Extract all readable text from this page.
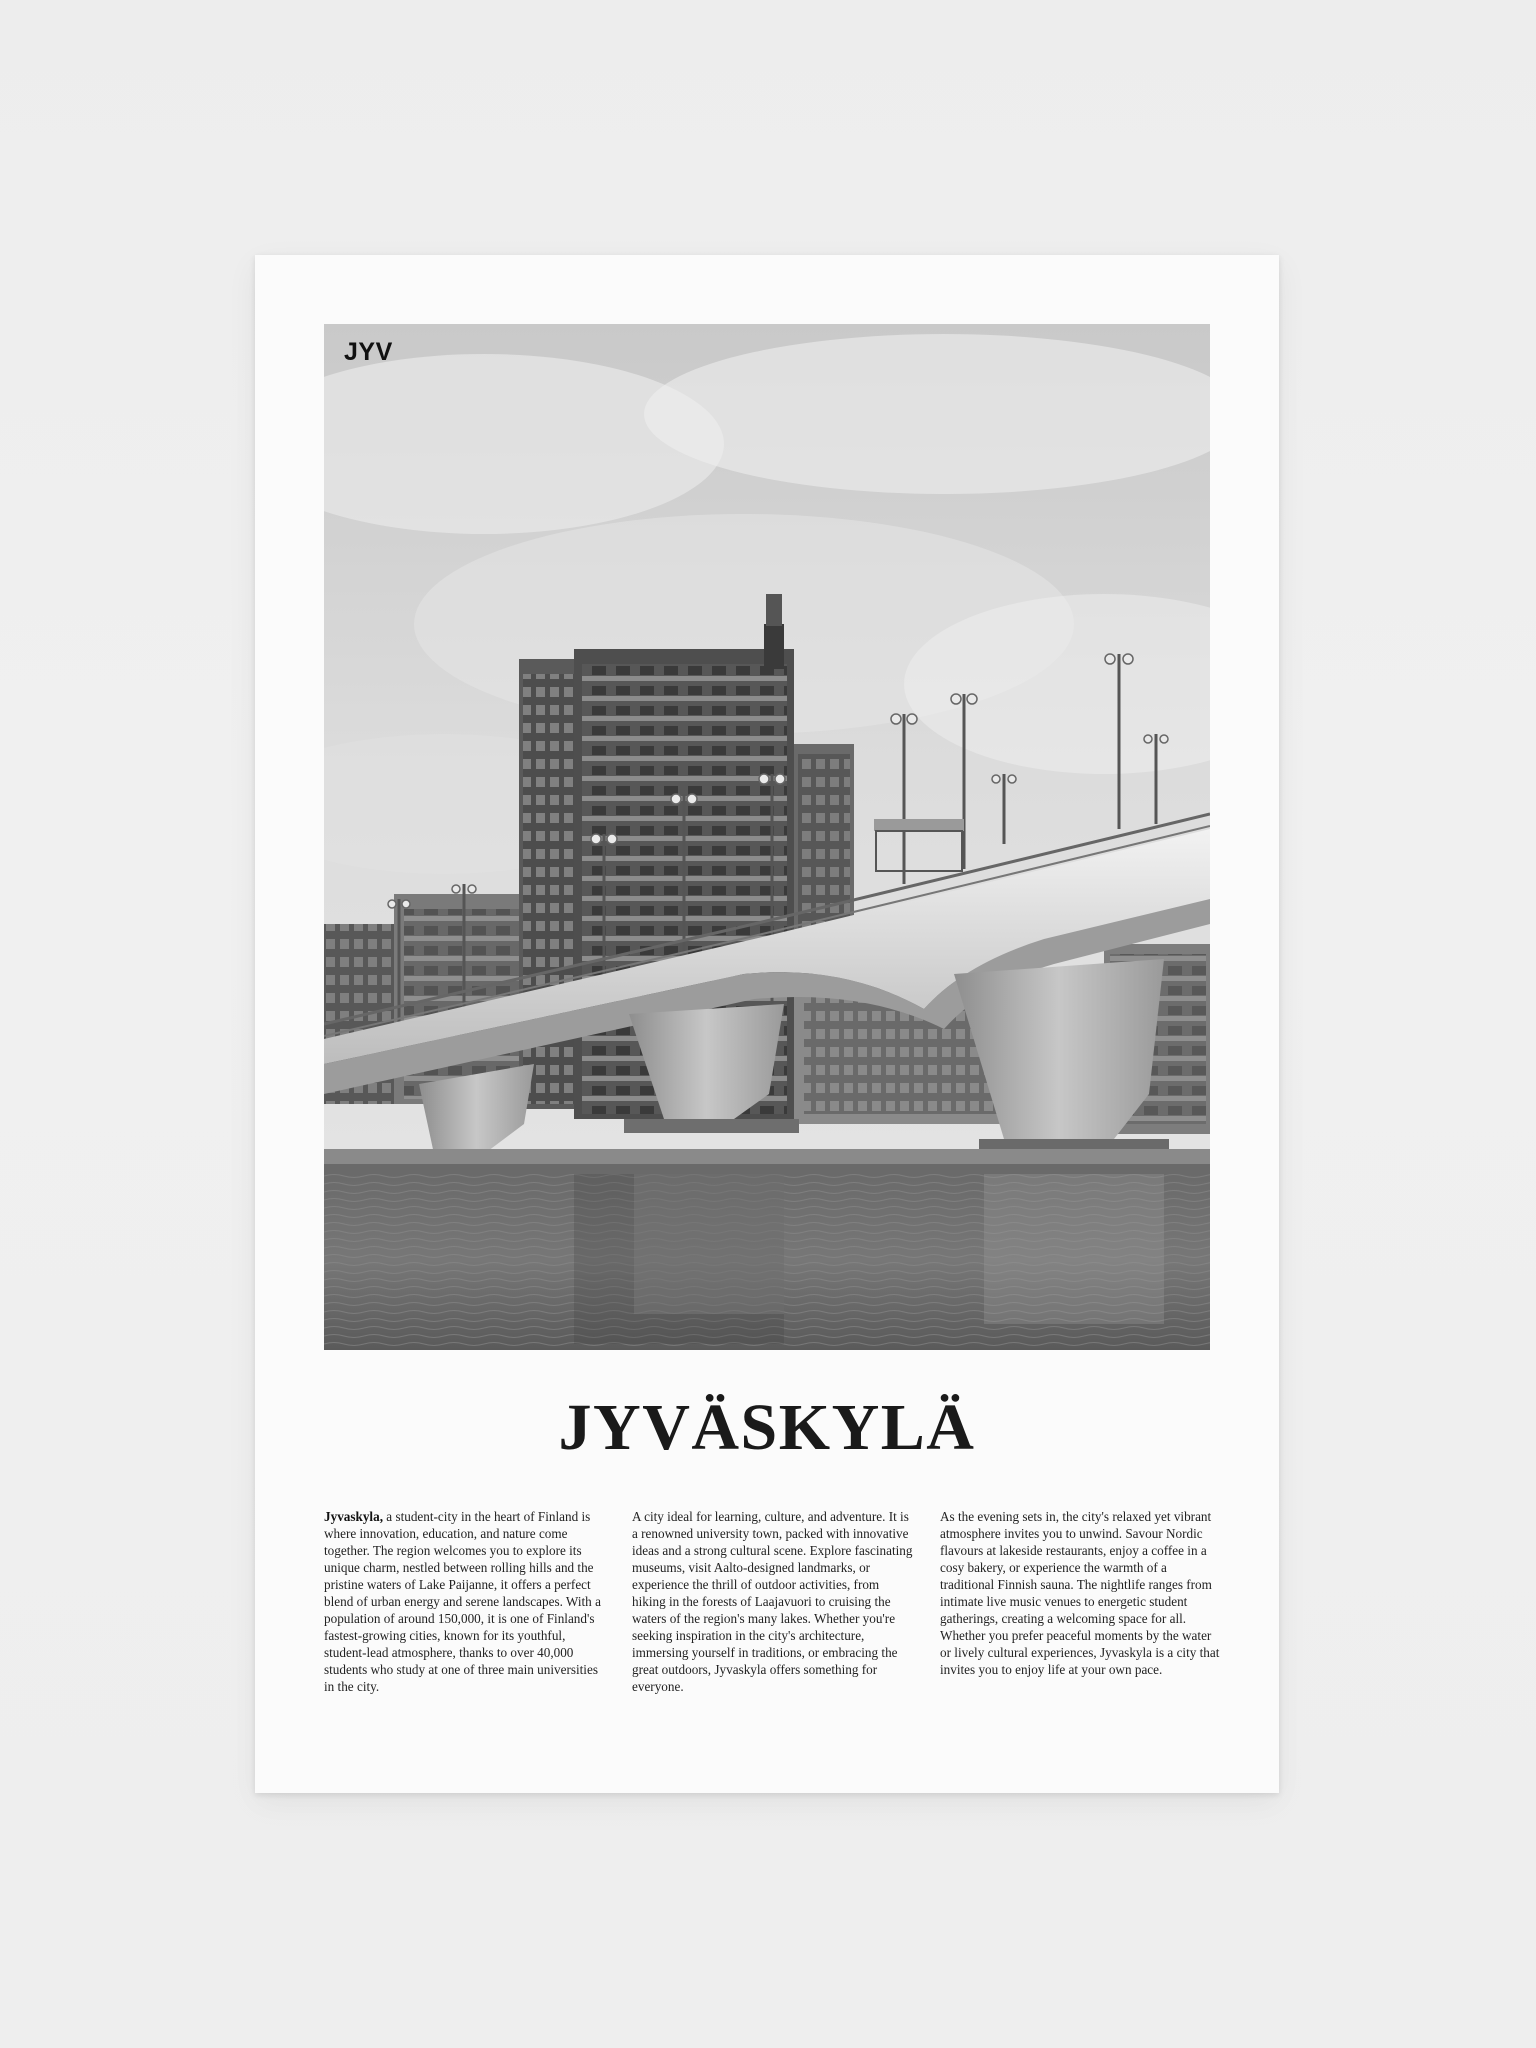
JYV
JYVÄSKYLÄ
Jyvaskyla, a student-city in the heart of Finland is where innovation, education, and nature come together. The region welcomes you to explore its unique charm, nestled between rolling hills and the pristine waters of Lake Paijanne, it offers a perfect blend of urban energy and serene landscapes. With a population of around 150,000, it is one of Finland's fastest-growing cities, known for its youthful, student-lead atmosphere, thanks to over 40,000 students who study at one of three main universities in the city.
A city ideal for learning, culture, and adventure. It is a renowned university town, packed with innovative ideas and a strong cultural scene. Explore fascinating museums, visit Aalto-designed landmarks, or experience the thrill of outdoor activities, from hiking in the forests of Laajavuori to cruising the waters of the region's many lakes. Whether you're seeking inspiration in the city's architecture, immersing yourself in traditions, or embracing the great outdoors, Jyvaskyla offers something for everyone.
As the evening sets in, the city's relaxed yet vibrant atmosphere invites you to unwind. Savour Nordic flavours at lakeside restaurants, enjoy a coffee in a cosy bakery, or experience the warmth of a traditional Finnish sauna. The nightlife ranges from intimate live music venues to energetic student gatherings, creating a welcoming space for all. Whether you prefer peaceful moments by the water or lively cultural experiences, Jyvaskyla is a city that invites you to enjoy life at your own pace.
